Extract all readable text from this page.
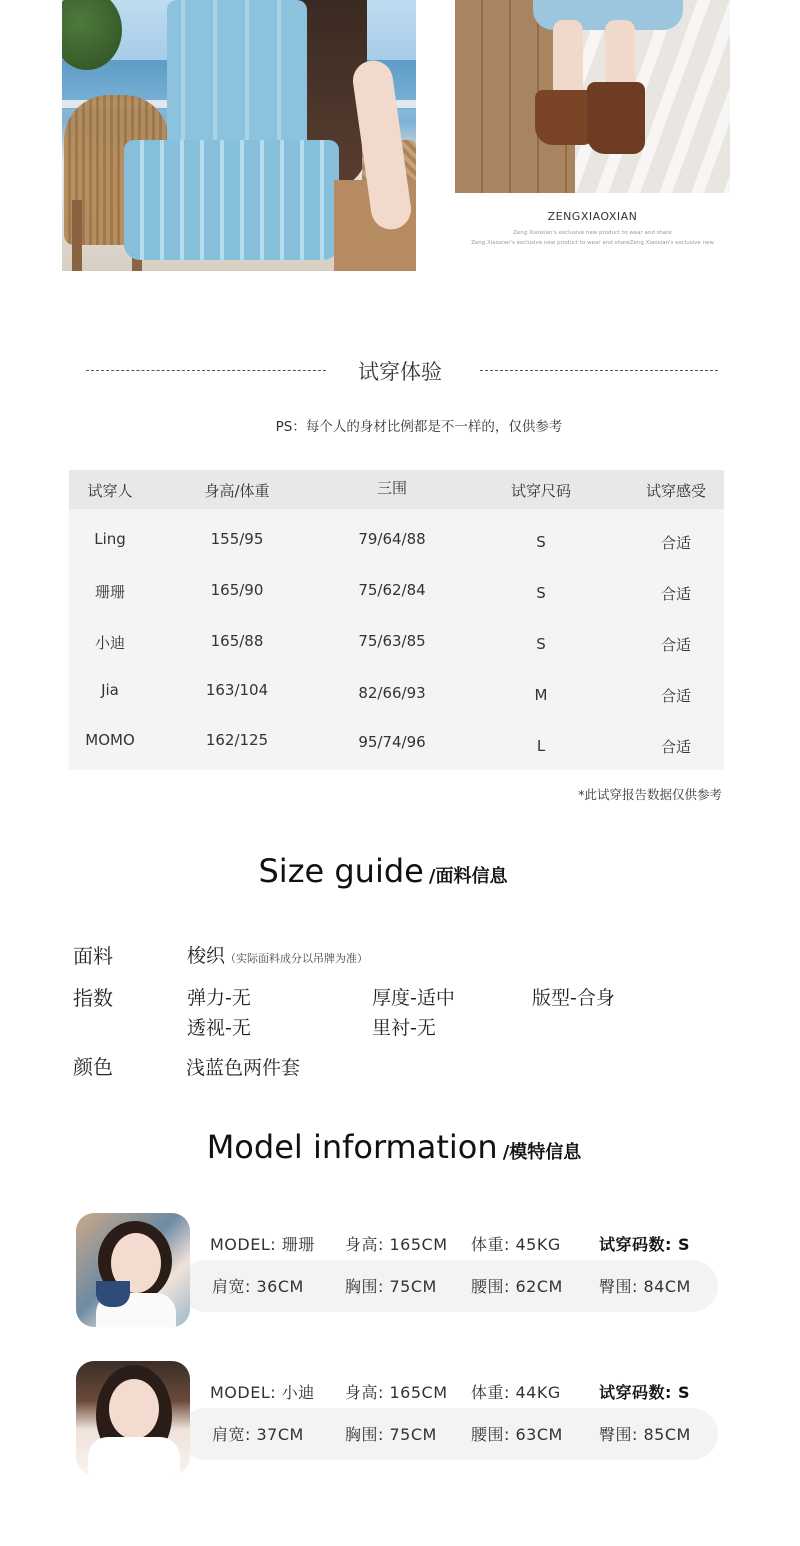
ZENGXIAOXIAN
Zeng Xiaoxian's exclusive new product to wear and share
Zeng Xiaoxian's exclusive new product to wear and shareZeng Xiaoxian's exclusive new
试穿体验
PS：每个人的身材比例都是不一样的，仅供参考
试穿人	身高/体重	三围	试穿尺码	试穿感受
Ling	155/95	79/64/88	S	合适
珊珊	165/90	75/62/84	S	合适
小迪	165/88	75/63/85	S	合适
Jia	163/104	82/66/93	M	合适
MOMO	162/125	95/74/96	L	合适
*此试穿报告数据仅供参考
Size guide /面料信息
面料	梭织（实际面料成分以吊牌为准）
指数	弹力-无	厚度-适中	版型-合身
透视-无	里衬-无
颜色	浅蓝色两件套
Model information /模特信息
MODEL: 珊珊 身高: 165CM 体重: 45KG 试穿码数: S
肩宽: 36CM	胸围: 75CM 腰围: 62CM 臀围: 84CM
MODEL: 小迪 身高: 165CM 体重: 44KG 试穿码数: S
肩宽: 37CM	胸围: 75CM 腰围: 63CM 臀围: 85CM
